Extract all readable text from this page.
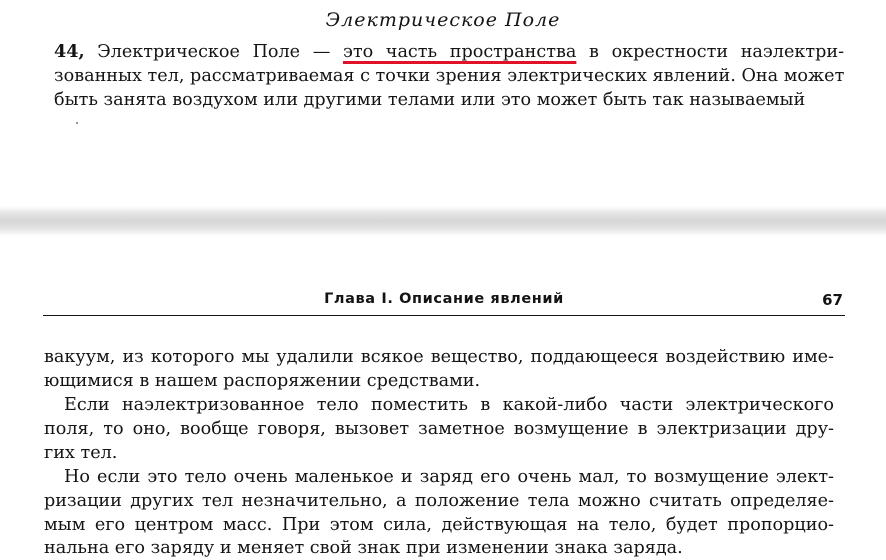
Электрическое Поле
44, Электрическое Поле — это часть пространства в окрестности наэлектри-
зованных тел, рассматриваемая с точки зрения электрических явлений. Она может
быть занята воздухом или другими телами или это может быть так называемый
Глава I. Описание явлений	67
вакуум, из которого мы удалили всякое вещество, поддающееся воздействию име-
ющимися в нашем распоряжении средствами.
Если наэлектризованное тело поместить в какой-либо части электрического
поля, то оно, вообще говоря, вызовет заметное возмущение в электризации дру-
гих тел.
Но если это тело очень маленькое и заряд его очень мал, то возмущение элект-
ризации других тел незначительно, а положение тела можно считать определяе-
мым его центром масс. При этом сила, действующая на тело, будет пропорцио-
нальна его заряду и меняет свой знак при изменении знака заряда.
